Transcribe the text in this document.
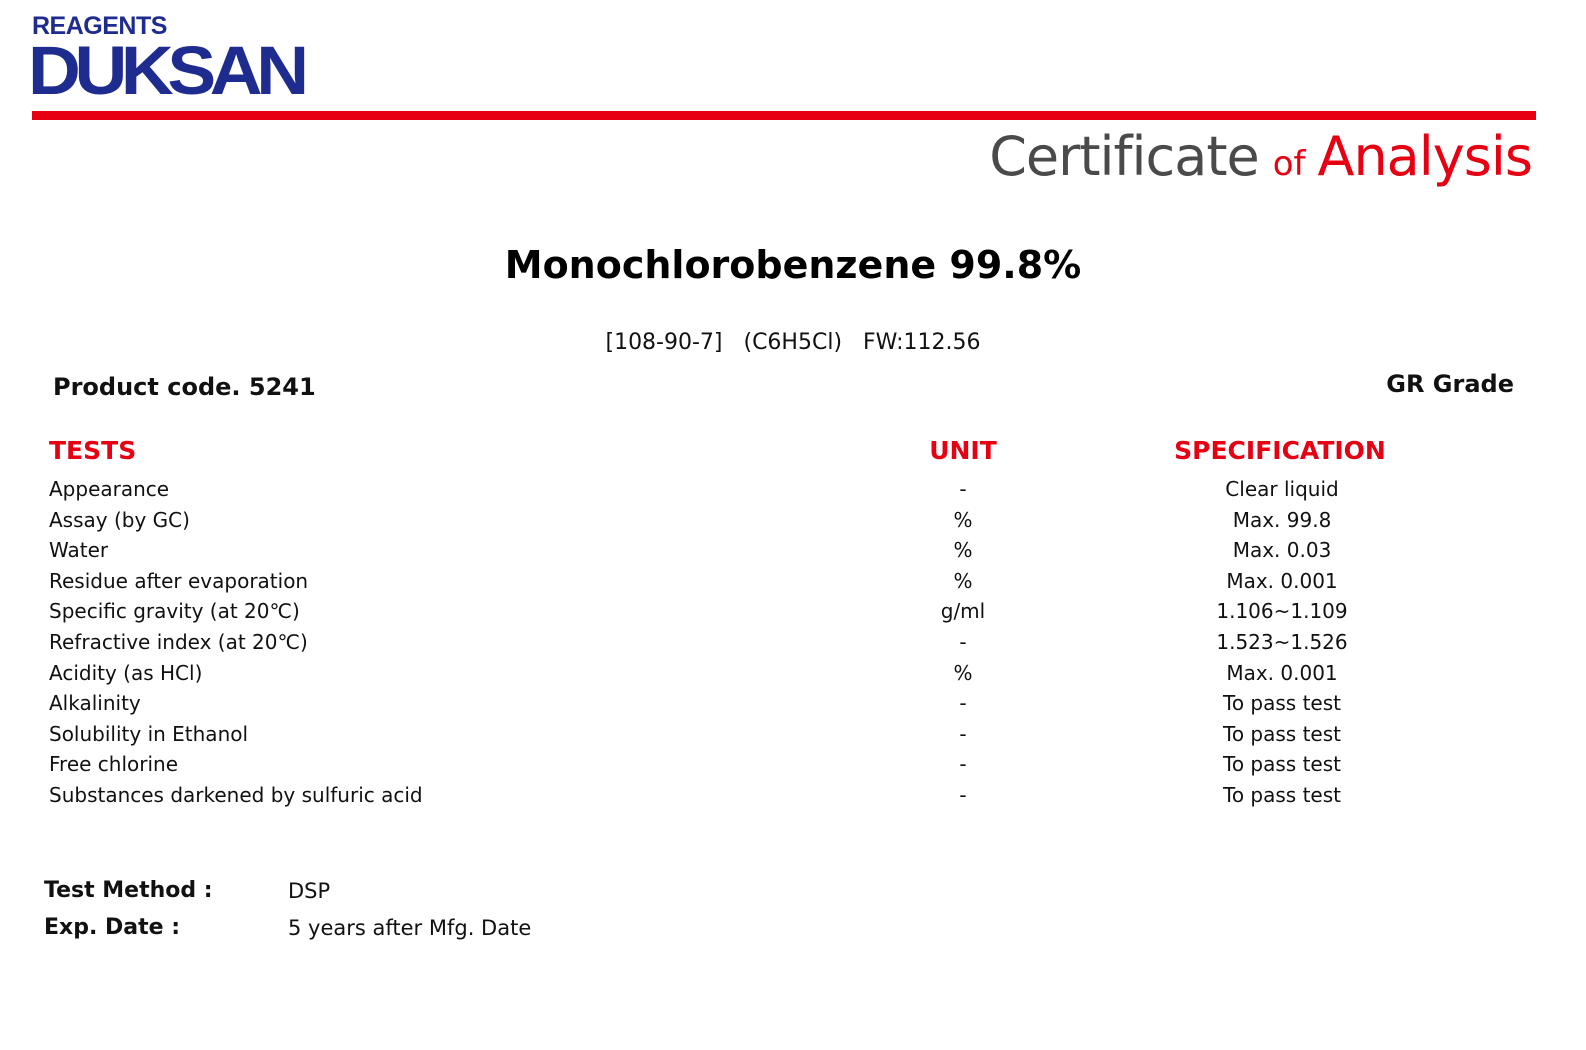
REAGENTS
DUKSAN
Certificate of Analysis
Monochlorobenzene 99.8%
[108-90-7]   (C6H5Cl)   FW:112.56
Product code. 5241	GR Grade
TESTS	UNIT	SPECIFICATION
Appearance	-	Clear liquid
Assay (by GC)	%	Max. 99.8
Water	%	Max. 0.03
Residue after evaporation	%	Max. 0.001
Specific gravity (at 20℃)	g/ml	1.106~1.109
Refractive index (at 20℃)	-	1.523~1.526
Acidity (as HCl)	%	Max. 0.001
Alkalinity	-	To pass test
Solubility in Ethanol	-	To pass test
Free chlorine	-	To pass test
Substances darkened by sulfuric acid	-	To pass test
Test Method :	DSP
Exp. Date :	5 years after Mfg. Date
